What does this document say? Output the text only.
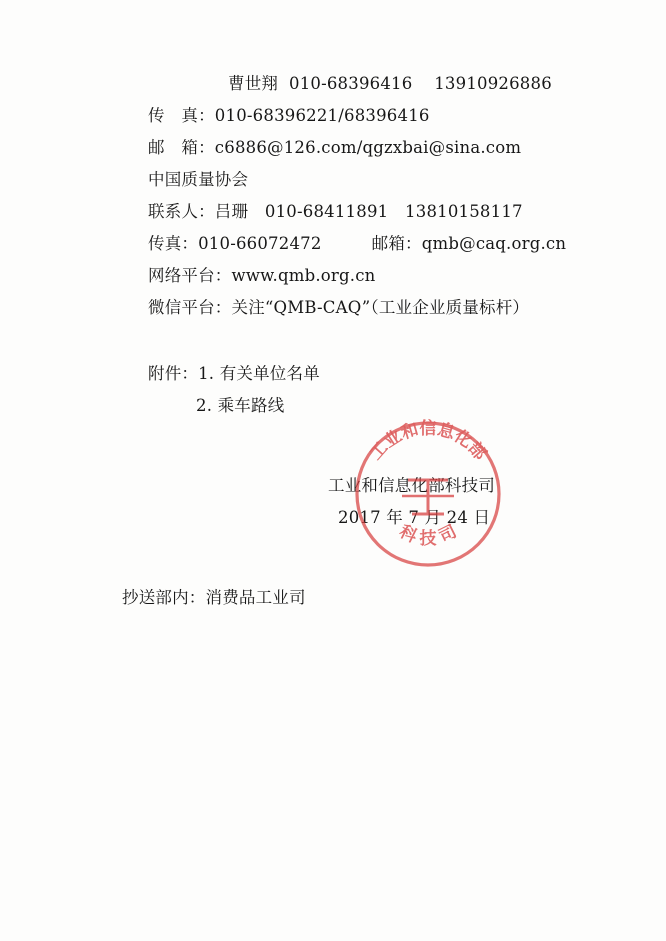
曹世翔  010-68396416    13910926886
传　真：010-68396221/68396416
邮　箱：c6886@126.com/qgzxbai@sina.com
中国质量协会
联系人：吕珊　010-68411891　13810158117
传真：010-66072472　　　邮箱：qmb@caq.org.cn
网络平台：www.qmb.org.cn
微信平台：关注“QMB-CAQ”（工业企业质量标杆）
附件：1. 有关单位名单
2. 乘车路线
工业和信息化部科技司
2017 年 7 月 24 日
抄送部内：消费品工业司
工业和信息化部
科 技 司
